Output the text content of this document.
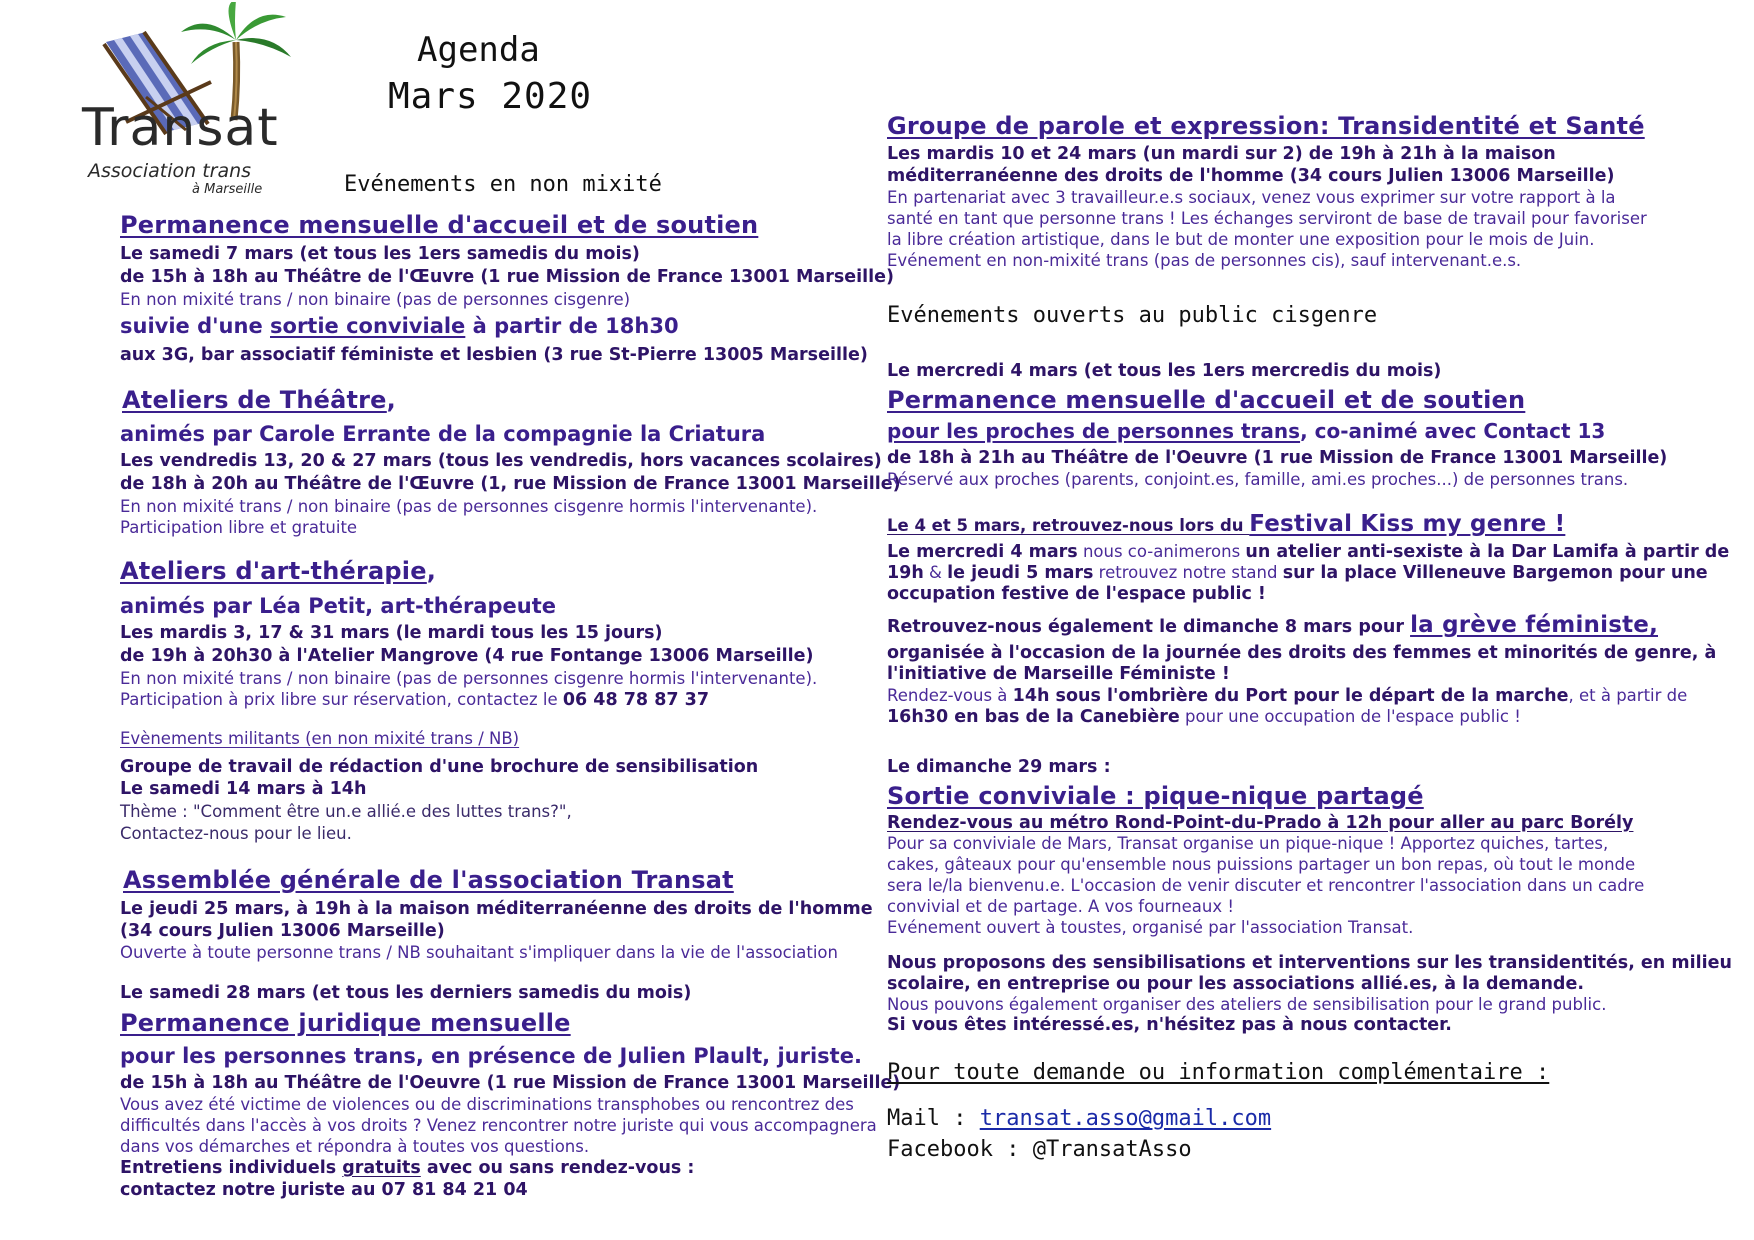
Transat
Association trans
à Marseille
Agenda
Mars 2020
Evénements en non mixité
Permanence mensuelle d'accueil et de soutien
Le samedi 7 mars (et tous les 1ers samedis du mois)
de 15h à 18h au Théâtre de l'Œuvre (1 rue Mission de France 13001 Marseille)
En non mixité trans / non binaire (pas de personnes cisgenre)
suivie d'une sortie conviviale à partir de 18h30
aux 3G, bar associatif féministe et lesbien (3 rue St-Pierre 13005 Marseille)
Ateliers de Théâtre,
animés par Carole Errante de la compagnie la Criatura
Les vendredis 13, 20 & 27 mars (tous les vendredis, hors vacances scolaires)
de 18h à 20h au Théâtre de l'Œuvre (1, rue Mission de France 13001 Marseille)
En non mixité trans / non binaire (pas de personnes cisgenre hormis l'intervenante).
Participation libre et gratuite
Ateliers d'art-thérapie,
animés par Léa Petit, art-thérapeute
Les mardis 3, 17 & 31 mars (le mardi tous les 15 jours)
de 19h à 20h30 à l'Atelier Mangrove (4 rue Fontange 13006 Marseille)
En non mixité trans / non binaire (pas de personnes cisgenre hormis l'intervenante).
Participation à prix libre sur réservation, contactez le 06 48 78 87 37
Evènements militants (en non mixité trans / NB)
Groupe de travail de rédaction d'une brochure de sensibilisation
Le samedi 14 mars à 14h
Thème : "Comment être un.e allié.e des luttes trans?",
Contactez-nous pour le lieu.
Assemblée générale de l'association Transat
Le jeudi 25 mars, à 19h à la maison méditerranéenne des droits de l'homme
(34 cours Julien 13006 Marseille)
Ouverte à toute personne trans / NB souhaitant s'impliquer dans la vie de l'association
Le samedi 28 mars (et tous les derniers samedis du mois)
Permanence juridique mensuelle
pour les personnes trans, en présence de Julien Plault, juriste.
de 15h à 18h au Théâtre de l'Oeuvre (1 rue Mission de France 13001 Marseille)
Vous avez été victime de violences ou de discriminations transphobes ou rencontrez des
difficultés dans l'accès à vos droits ? Venez rencontrer notre juriste qui vous accompagnera
dans vos démarches et répondra à toutes vos questions.
Entretiens individuels gratuits avec ou sans rendez-vous :
contactez notre juriste au 07 81 84 21 04
Groupe de parole et expression: Transidentité et Santé
Les mardis 10 et 24 mars (un mardi sur 2) de 19h à 21h à la maison
méditerranéenne des droits de l'homme (34 cours Julien 13006 Marseille)
En partenariat avec 3 travailleur.e.s sociaux, venez vous exprimer sur votre rapport à la
santé en tant que personne trans ! Les échanges serviront de base de travail pour favoriser
la libre création artistique, dans le but de monter une exposition pour le mois de Juin.
Evénement en non-mixité trans (pas de personnes cis), sauf intervenant.e.s.
Evénements ouverts au public cisgenre
Le mercredi 4 mars (et tous les 1ers mercredis du mois)
Permanence mensuelle d'accueil et de soutien
pour les proches de personnes trans, co-animé avec Contact 13
de 18h à 21h au Théâtre de l'Oeuvre (1 rue Mission de France 13001 Marseille)
Réservé aux proches (parents, conjoint.es, famille, ami.es proches...) de personnes trans.
Le 4 et 5 mars, retrouvez-nous lors du Festival Kiss my genre !
Le mercredi 4 mars nous co-animerons un atelier anti-sexiste à la Dar Lamifa à partir de
19h & le jeudi 5 mars retrouvez notre stand sur la place Villeneuve Bargemon pour une
occupation festive de l'espace public !
Retrouvez-nous également le dimanche 8 mars pour la grève féministe,
organisée à l'occasion de la journée des droits des femmes et minorités de genre, à
l'initiative de Marseille Féministe !
Rendez-vous à 14h sous l'ombrière du Port pour le départ de la marche, et à partir de
16h30 en bas de la Canebière pour une occupation de l'espace public !
Le dimanche 29 mars :
Sortie conviviale : pique-nique partagé
Rendez-vous au métro Rond-Point-du-Prado à 12h pour aller au parc Borély
Pour sa conviviale de Mars, Transat organise un pique-nique ! Apportez quiches, tartes,
cakes, gâteaux pour qu'ensemble nous puissions partager un bon repas, où tout le monde
sera le/la bienvenu.e. L'occasion de venir discuter et rencontrer l'association dans un cadre
convivial et de partage. A vos fourneaux !
Evénement ouvert à toustes, organisé par l'association Transat.
Nous proposons des sensibilisations et interventions sur les transidentités, en milieu
scolaire, en entreprise ou pour les associations allié.es, à la demande.
Nous pouvons également organiser des ateliers de sensibilisation pour le grand public.
Si vous êtes intéressé.es, n'hésitez pas à nous contacter.
Pour toute demande ou information complémentaire :
Mail : transat.asso@gmail.com
Facebook : @TransatAsso
